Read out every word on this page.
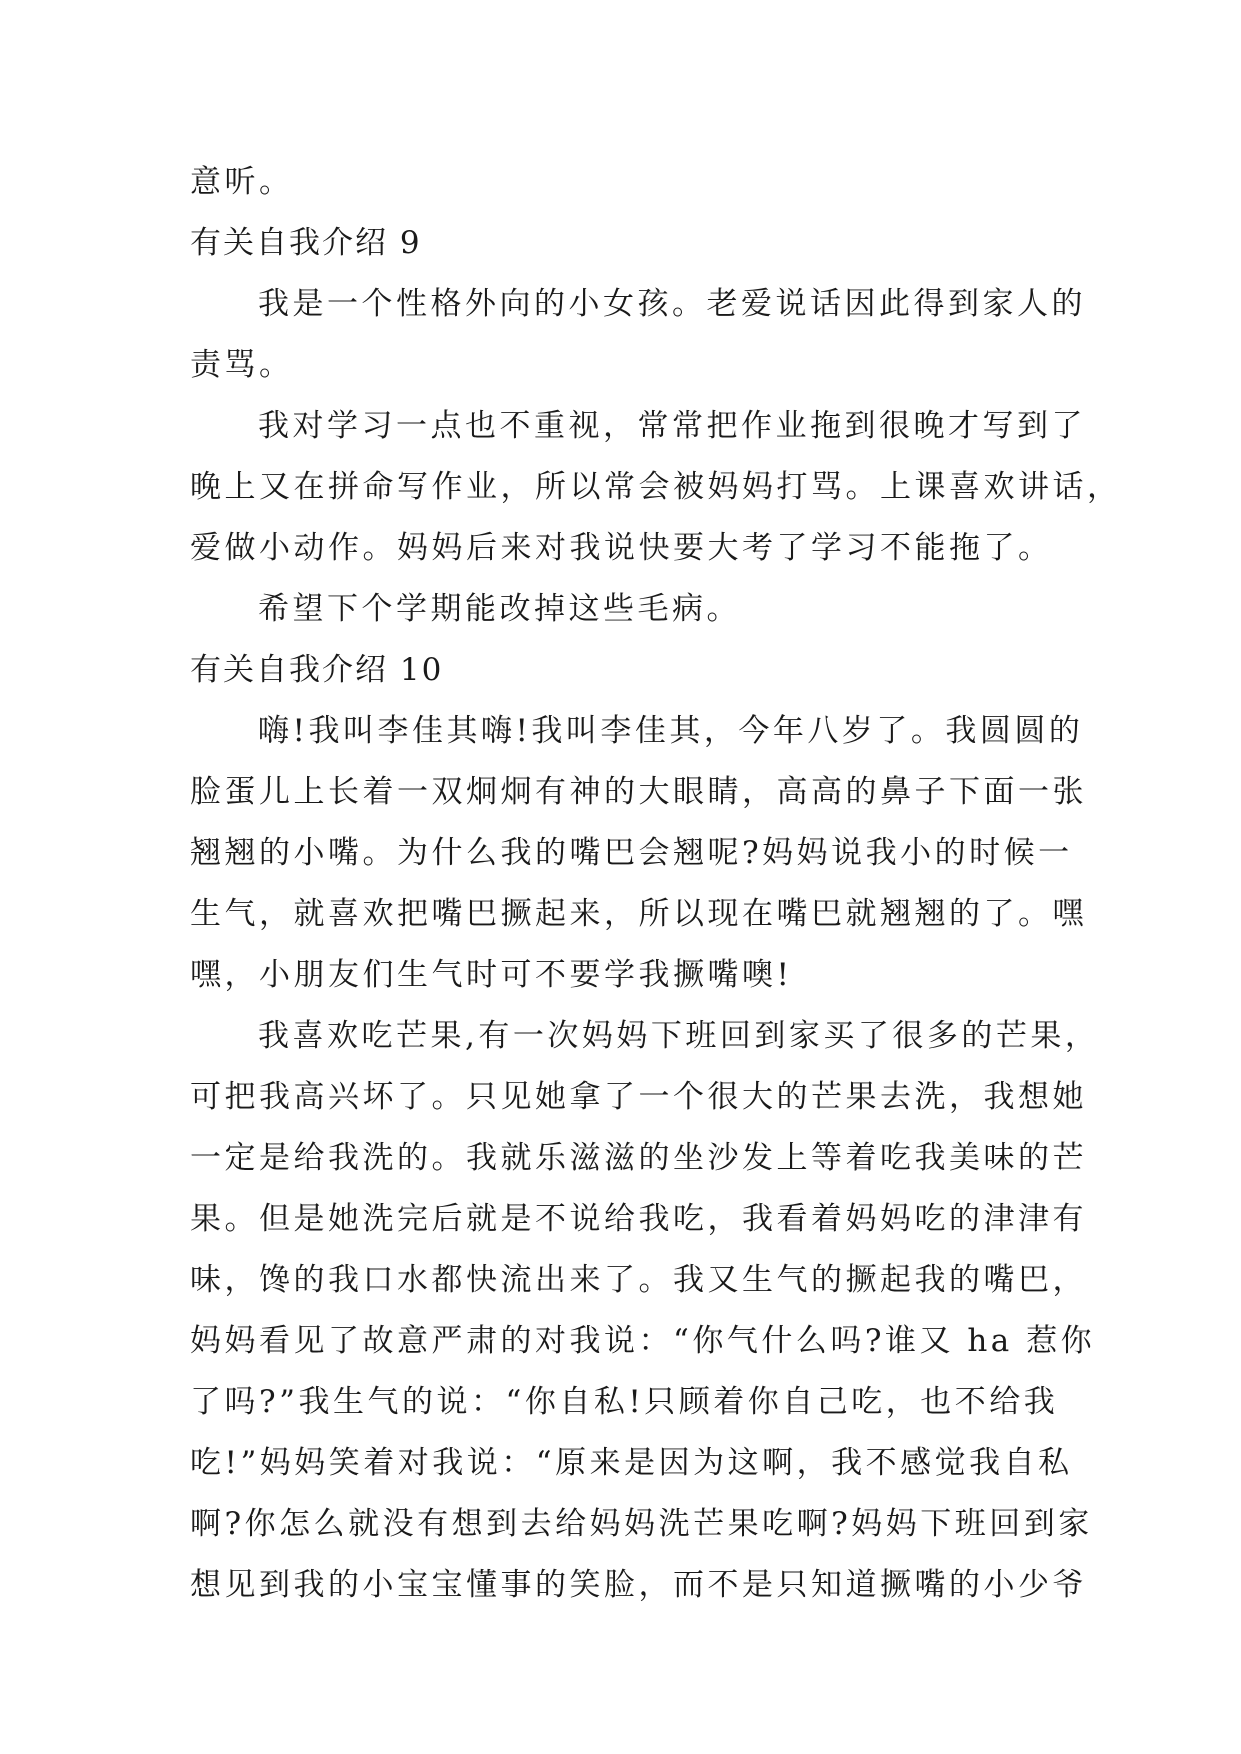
意听。
有关自我介绍 9
我是一个性格外向的小女孩。老爱说话因此得到家人的
责骂。
我对学习一点也不重视，常常把作业拖到很晚才写到了
晚上又在拼命写作业，所以常会被妈妈打骂。上课喜欢讲话，
爱做小动作。妈妈后来对我说快要大考了学习不能拖了。
希望下个学期能改掉这些毛病。
有关自我介绍 10
嗨!我叫李佳其嗨!我叫李佳其，今年八岁了。我圆圆的
脸蛋儿上长着一双炯炯有神的大眼睛，高高的鼻子下面一张
翘翘的小嘴。为什么我的嘴巴会翘呢?妈妈说我小的时候一
生气，就喜欢把嘴巴撅起来，所以现在嘴巴就翘翘的了。嘿
嘿，小朋友们生气时可不要学我撅嘴噢!
我喜欢吃芒果,有一次妈妈下班回到家买了很多的芒果，
可把我高兴坏了。只见她拿了一个很大的芒果去洗，我想她
一定是给我洗的。我就乐滋滋的坐沙发上等着吃我美味的芒
果。但是她洗完后就是不说给我吃，我看着妈妈吃的津津有
味，馋的我口水都快流出来了。我又生气的撅起我的嘴巴，
妈妈看见了故意严肃的对我说：“你气什么吗?谁又 ha 惹你
了吗?”我生气的说：“你自私!只顾着你自己吃，也不给我
吃!”妈妈笑着对我说：“原来是因为这啊，我不感觉我自私
啊?你怎么就没有想到去给妈妈洗芒果吃啊?妈妈下班回到家
想见到我的小宝宝懂事的笑脸，而不是只知道撅嘴的小少爷
